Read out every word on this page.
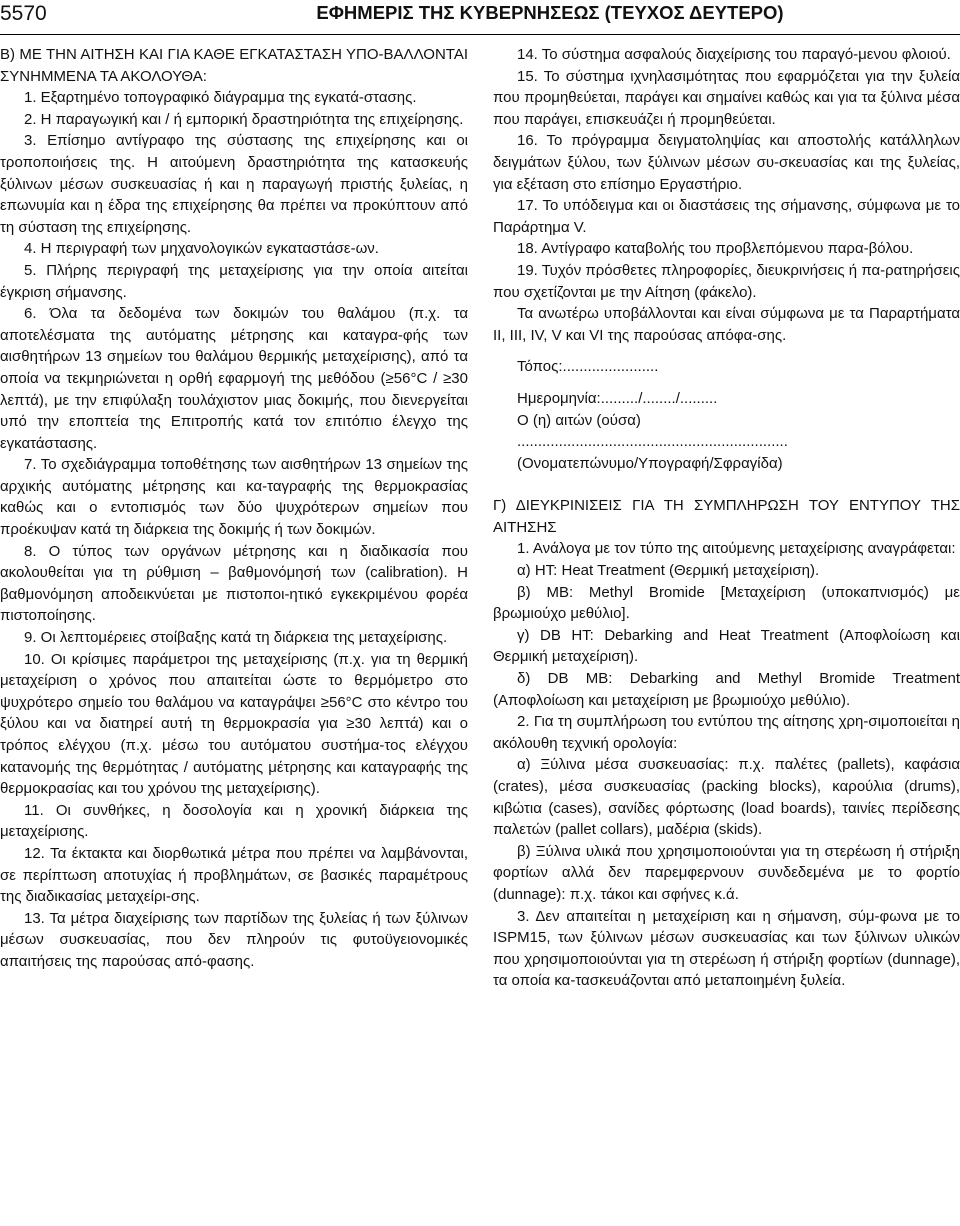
5570	ΕΦΗΜΕΡΙΣ ΤΗΣ ΚΥΒΕΡΝΗΣΕΩΣ (ΤΕΥΧΟΣ ΔΕΥΤΕΡΟ)

Β) ΜΕ ΤΗΝ ΑΙΤΗΣΗ ΚΑΙ ΓΙΑ ΚΑΘΕ ΕΓΚΑΤΑΣΤΑΣΗ ΥΠΟ-ΒΑΛΛΟΝΤΑΙ ΣΥΝΗΜΜΕΝΑ ΤΑ ΑΚΟΛΟΥΘΑ:

1. Εξαρτημένο τοπογραφικό διάγραμμα της εγκατά-στασης.

2. Η παραγωγική και / ή εμπορική δραστηριότητα της επιχείρησης.

3. Επίσημο αντίγραφο της σύστασης της επιχείρησης και οι τροποποιήσεις της. Η αιτούμενη δραστηριότητα της κατασκευής ξύλινων μέσων συσκευασίας ή και η παραγωγή πριστής ξυλείας, η επωνυμία και η έδρα της επιχείρησης θα πρέπει να προκύπτουν από τη σύσταση της επιχείρησης.

4. Η περιγραφή των μηχανολογικών εγκαταστάσε-ων.

5. Πλήρης περιγραφή της μεταχείρισης για την οποία αιτείται έγκριση σήμανσης.

6. Όλα τα δεδομένα των δοκιμών του θαλάμου (π.χ. τα αποτελέσματα της αυτόματης μέτρησης και καταγρα-φής των αισθητήρων 13 σημείων του θαλάμου θερμικής μεταχείρισης), από τα οποία να τεκμηριώνεται η ορθή εφαρμογή της μεθόδου (≥56°C / ≥30 λεπτά), με την επιφύλαξη τουλάχιστον μιας δοκιμής, που διενεργείται υπό την εποπτεία της Επιτροπής κατά τον επιτόπιο έλεγχο της εγκατάστασης.

7. Το σχεδιάγραμμα τοποθέτησης των αισθητήρων 13 σημείων της αρχικής αυτόματης μέτρησης και κα-ταγραφής της θερμοκρασίας καθώς και ο εντοπισμός των δύο ψυχρότερων σημείων που προέκυψαν κατά τη διάρκεια της δοκιμής ή των δοκιμών.

8. Ο τύπος των οργάνων μέτρησης και η διαδικασία που ακολουθείται για τη ρύθμιση – βαθμονόμησή των (calibration). Η βαθμονόμηση αποδεικνύεται με πιστοποι-ητικό εγκεκριμένου φορέα πιστοποίησης.

9. Οι λεπτομέρειες στοίβαξης κατά τη διάρκεια της μεταχείρισης.

10. Οι κρίσιμες παράμετροι της μεταχείρισης (π.χ. για τη θερμική μεταχείριση ο χρόνος που απαιτείται ώστε το θερμόμετρο στο ψυχρότερο σημείο του θαλάμου να καταγράψει ≥56°C στο κέντρο του ξύλου και να διατηρεί αυτή τη θερμοκρασία για ≥30 λεπτά) και ο τρόπος ελέγχου (π.χ. μέσω του αυτόματου συστήμα-τος ελέγχου κατανομής της θερμότητας / αυτόματης μέτρησης και καταγραφής της θερμοκρασίας και του χρόνου της μεταχείρισης).

11. Οι συνθήκες, η δοσολογία και η χρονική διάρκεια της μεταχείρισης.

12. Τα έκτακτα και διορθωτικά μέτρα που πρέπει να λαμβάνονται, σε περίπτωση αποτυχίας ή προβλημάτων, σε βασικές παραμέτρους της διαδικασίας μεταχείρι-σης.

13. Τα μέτρα διαχείρισης των παρτίδων της ξυλείας ή των ξύλινων μέσων συσκευασίας, που δεν πληρούν τις φυτοϋγειονομικές απαιτήσεις της παρούσας από-φασης.

14. Το σύστημα ασφαλούς διαχείρισης του παραγό-μενου φλοιού.

15. Το σύστημα ιχνηλασιμότητας που εφαρμόζεται για την ξυλεία που προμηθεύεται, παράγει και σημαίνει καθώς και για τα ξύλινα μέσα που παράγει, επισκευάζει ή προμηθεύεται.

16. Το πρόγραμμα δειγματοληψίας και αποστολής κατάλληλων δειγμάτων ξύλου, των ξύλινων μέσων συ-σκευασίας και της ξυλείας, για εξέταση στο επίσημο Εργαστήριο.

17. Το υπόδειγμα και οι διαστάσεις της σήμανσης, σύμφωνα με το Παράρτημα V.

18. Αντίγραφο καταβολής του προβλεπόμενου παρα-βόλου.

19. Τυχόν πρόσθετες πληροφορίες, διευκρινήσεις ή πα-ρατηρήσεις που σχετίζονται με την Αίτηση (φάκελο).

Τα ανωτέρω υποβάλλονται και είναι σύμφωνα με τα Παραρτήματα ΙΙ, ΙΙΙ, ΙV, V και VI της παρούσας απόφα-σης.

Τόπος:.......................

Ημερομηνία:........./......../.........

Ο (η) αιτών (ούσα)

.................................................................

(Ονοματεπώνυμο/Υπογραφή/Σφραγίδα)

Γ) ΔΙΕΥΚΡΙΝΙΣΕΙΣ ΓΙΑ ΤΗ ΣΥΜΠΛΗΡΩΣΗ ΤΟΥ ΕΝΤΥΠΟΥ ΤΗΣ ΑΙΤΗΣΗΣ

1. Ανάλογα με τον τύπο της αιτούμενης μεταχείρισης αναγράφεται:

α) HT: Heat Treatment (Θερμική μεταχείριση).

β) MB: Methyl Bromide [Μεταχείριση (υποκαπνισμός) με βρωμιούχο μεθύλιο].

γ) DB HT: Debarking and Heat Treatment (Αποφλοίωση και Θερμική μεταχείριση).

δ) DB MB: Debarking and Methyl Bromide Treatment (Αποφλοίωση και μεταχείριση με βρωμιούχο μεθύλιο).

2. Για τη συμπλήρωση του εντύπου της αίτησης χρη-σιμοποιείται η ακόλουθη τεχνική ορολογία:

α) Ξύλινα μέσα συσκευασίας: π.χ. παλέτες (pallets), καφάσια (crates), μέσα συσκευασίας (packing blocks), καρούλια (drums), κιβώτια (cases), σανίδες φόρτωσης (load boards), ταινίες περίδεσης παλετών (pallet collars), μαδέρια (skids).

β) Ξύλινα υλικά που χρησιμοποιούνται για τη στερέωση ή στήριξη φορτίων αλλά δεν παρεμφερνουν συνδεδεμένα με το φορτίο (dunnage): π.χ. τάκοι και σφήνες κ.ά.

3. Δεν απαιτείται η μεταχείριση και η σήμανση, σύμ-φωνα με το ISPM15, των ξύλινων μέσων συσκευασίας και των ξύλινων υλικών που χρησιμοποιούνται για τη στερέωση ή στήριξη φορτίων (dunnage), τα οποία κα-τασκευάζονται από μεταποιημένη ξυλεία.
